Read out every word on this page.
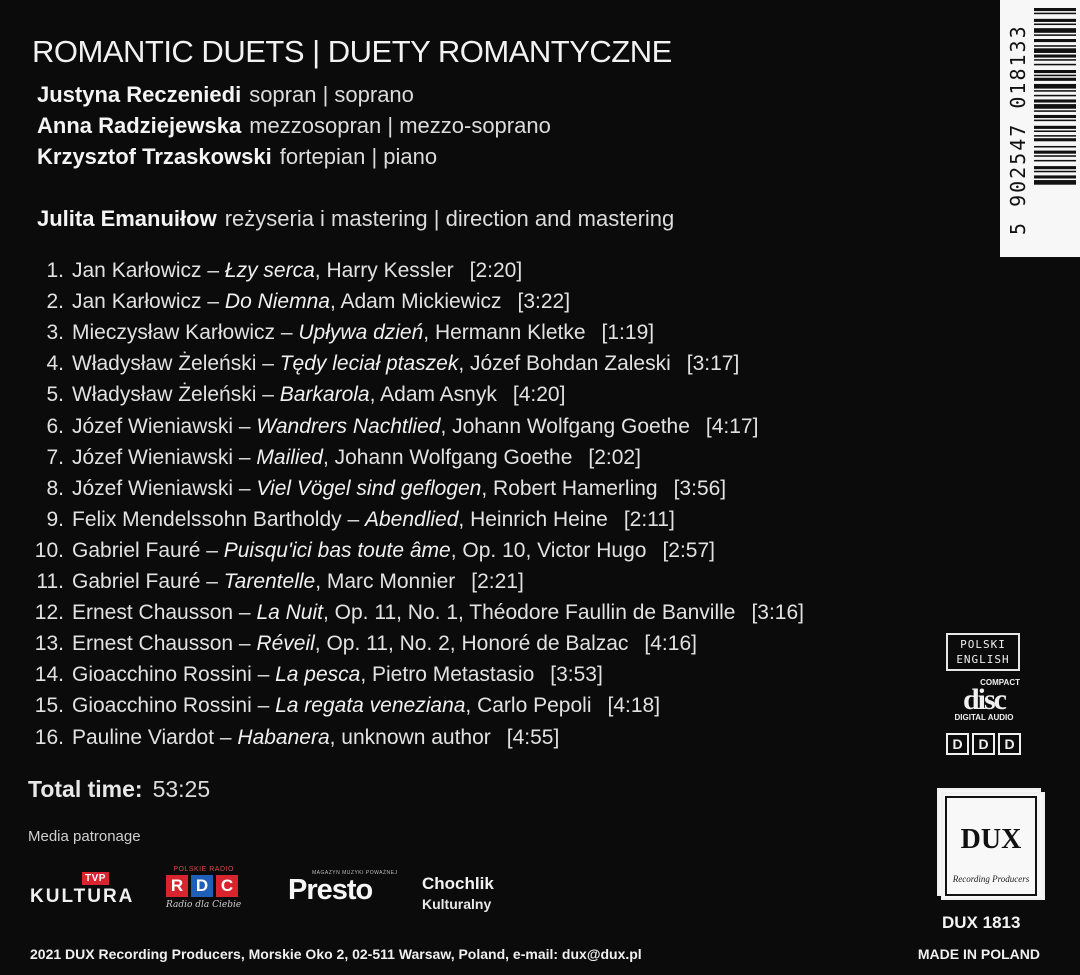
ROMANTIC DUETS | DUETY ROMANTYCZNE
Justyna Reczeniedi sopran | soprano
Anna Radziejewska mezzosopran | mezzo-soprano
Krzysztof Trzaskowski fortepian | piano
Julita Emanuiłow reżyseria i mastering | direction and mastering
1. Jan Karłowicz – Łzy serca, Harry Kessler [2:20]
2. Jan Karłowicz – Do Niemna, Adam Mickiewicz [3:22]
3. Mieczysław Karłowicz – Upływa dzień, Hermann Kletke [1:19]
4. Władysław Żeleński – Tędy leciał ptaszek, Józef Bohdan Zaleski [3:17]
5. Władysław Żeleński – Barkarola, Adam Asnyk [4:20]
6. Józef Wieniawski – Wandrers Nachtlied, Johann Wolfgang Goethe [4:17]
7. Józef Wieniawski – Mailied, Johann Wolfgang Goethe [2:02]
8. Józef Wieniawski – Viel Vögel sind geflogen, Robert Hamerling [3:56]
9. Felix Mendelssohn Bartholdy – Abendlied, Heinrich Heine [2:11]
10. Gabriel Fauré – Puisqu'ici bas toute âme, Op. 10, Victor Hugo [2:57]
11. Gabriel Fauré – Tarentelle, Marc Monnier [2:21]
12. Ernest Chausson – La Nuit, Op. 11, No. 1, Théodore Faullin de Banville [3:16]
13. Ernest Chausson – Réveil, Op. 11, No. 2, Honoré de Balzac [4:16]
14. Gioacchino Rossini – La pesca, Pietro Metastasio [3:53]
15. Gioacchino Rossini – La regata veneziana, Carlo Pepoli [4:18]
16. Pauline Viardot – Habanera, unknown author [4:55]
Total time: 53:25
Media patronage
TVP
KULTURA
POLSKIE RADIO
R D C
Radio dla Ciebie
MAGAZYN MUZYKI POWAŻNEJ
Presto	Chochlik
Kulturalny
2021 DUX Recording Producers, Morskie Oko 2, 02-511 Warsaw, Poland, e-mail: dux@dux.pl	MADE IN POLAND
5 902547 018133
POLSKI
ENGLISH
COMPACT
disc
DIGITAL AUDIO
D	D	D
DUX
Recording Producers
DUX 1813
